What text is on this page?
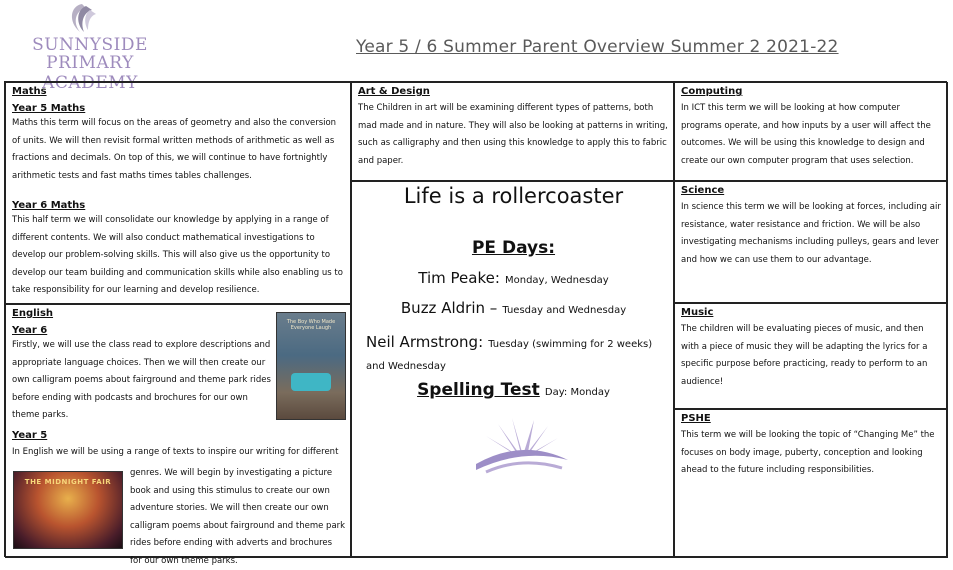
SUNNYSIDE
PRIMARY ACADEMY
Year 5 / 6 Summer Parent Overview Summer 2 2021-22
Maths
Year 5 Maths
Maths this term will focus on the areas of geometry and also the conversion of units. We will then revisit formal written methods of arithmetic as well as fractions and decimals. On top of this, we will continue to have fortnightly arithmetic tests and fast maths times tables challenges.
Year 6 Maths
This half term we will consolidate our knowledge by applying in a range of different contents. We will also conduct mathematical investigations to develop our problem-solving skills. This will also give us the opportunity to develop our team building and communication skills while also enabling us to take responsibility for our learning and develop resilience.
English
Year 6
Firstly, we will use the class read to explore descriptions and appropriate language choices. Then we will then create our own calligram poems about fairground and theme park rides before ending with podcasts and brochures for our own theme parks.
The Boy Who Made Everyone Laugh
Year 5
In English we will be using a range of texts to inspire our writing for different
THE MIDNIGHT FAIR
genres. We will begin by investigating a picture book and using this stimulus to create our own adventure stories. We will then create our own calligram poems about fairground and theme park rides before ending with adverts and brochures for our own theme parks.
Art & Design
The Children in art will be examining different types of patterns, both mad made and in nature. They will also be looking at patterns in writing, such as calligraphy and then using this knowledge to apply this to fabric and paper.
Life is a rollercoaster
PE Days:
Tim Peake: Monday, Wednesday
Buzz Aldrin – Tuesday and Wednesday
Neil Armstrong: Tuesday (swimming for 2 weeks) and Wednesday
Spelling Test Day: Monday
Computing
In ICT this term we will be looking at how computer programs operate, and how inputs by a user will affect the outcomes. We will be using this knowledge to design and create our own computer program that uses selection.
Science
In science this term we will be looking at forces, including air resistance, water resistance and friction. We will be also investigating mechanisms including pulleys, gears and lever and how we can use them to our advantage.
Music
The children will be evaluating pieces of music, and then with a piece of music they will be adapting the lyrics for a specific purpose before practicing, ready to perform to an audience!
PSHE
This term we will be looking the topic of “Changing Me” the focuses on body image, puberty, conception and looking ahead to the future including responsibilities.
